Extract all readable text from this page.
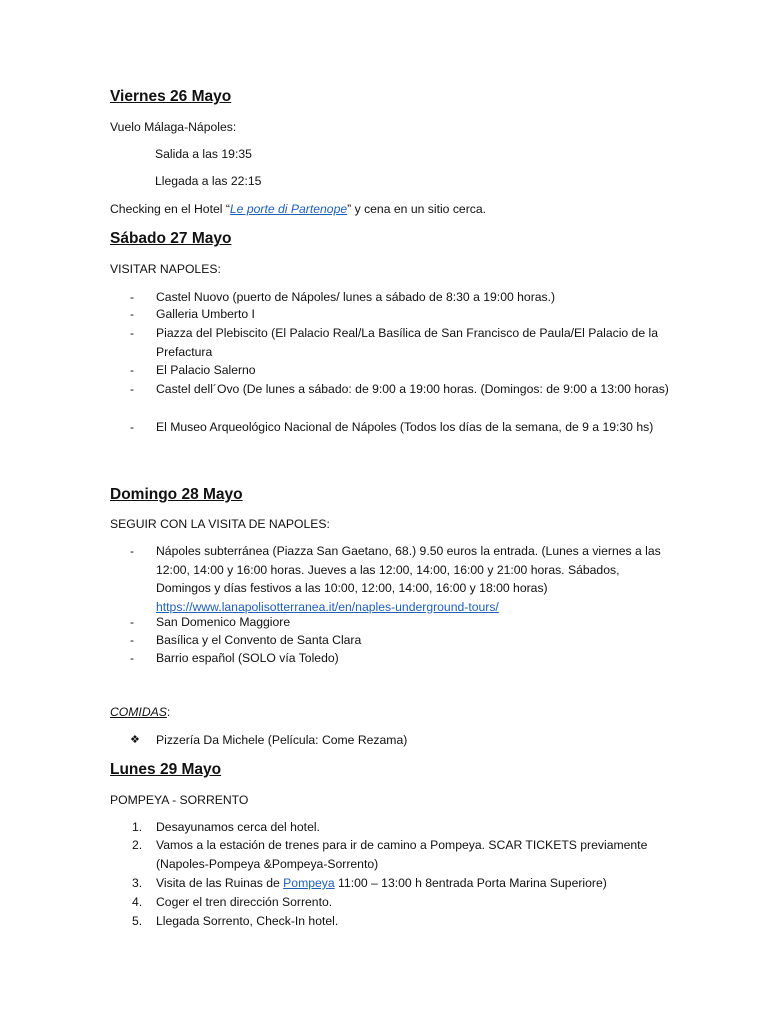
Viernes 26 Mayo

Vuelo Málaga-Nápoles:

Salida a las 19:35

Llegada a las 22:15

Checking en el Hotel “Le porte di Partenope” y cena en un sitio cerca.

Sábado 27 Mayo

VISITAR NAPOLES:

-	Castel Nuovo (puerto de Nápoles/ lunes a sábado de 8:30 a 19:00 horas.)
-	Galleria Umberto I
-	Piazza del Plebiscito (El Palacio Real/La Basílica de San Francisco de Paula/El Palacio de la Prefactura
-	El Palacio Salerno
-	Castel dell´Ovo (De lunes a sábado: de 9:00 a 19:00 horas. (Domingos: de 9:00 a 13:00 horas)
-	El Museo Arqueológico Nacional de Nápoles (Todos los días de la semana, de 9 a 19:30 hs)
Domingo 28 Mayo

SEGUIR CON LA VISITA DE NAPOLES:

-	Nápoles subterránea (Piazza San Gaetano, 68.) 9.50 euros la entrada. (Lunes a viernes a las 12:00, 14:00 y 16:00 horas. Jueves a las 12:00, 14:00, 16:00 y 21:00 horas. Sábados, Domingos y días festivos a las 10:00, 12:00, 14:00, 16:00 y 18:00 horas)
https://www.lanapolisotterranea.it/en/naples-underground-tours/
-	San Domenico Maggiore
-	Basílica y el Convento de Santa Clara
-	Barrio español (SOLO vía Toledo)

COMIDAS:

❖ Pizzería Da Michele (Película: Come Rezama)
Lunes 29 Mayo

POMPEYA - SORRENTO

1. Desayunamos cerca del hotel.
2. Vamos a la estación de trenes para ir de camino a Pompeya. SCAR TICKETS previamente (Napoles-Pompeya &Pompeya-Sorrento)
3. Visita de las Ruinas de Pompeya 11:00 – 13:00 h 8entrada Porta Marina Superiore)
4. Coger el tren dirección Sorrento.
5. Llegada Sorrento, Check-In hotel.
